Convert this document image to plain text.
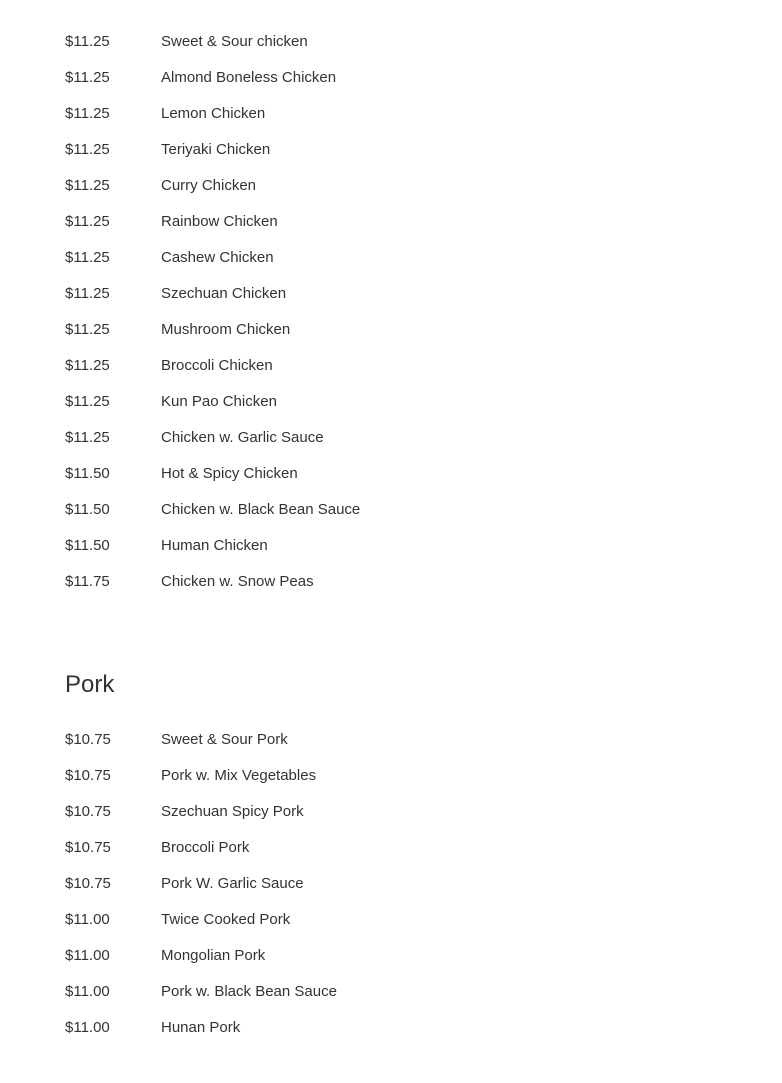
$11.25	Sweet & Sour chicken
$11.25	Almond Boneless Chicken
$11.25	Lemon Chicken
$11.25	Teriyaki Chicken
$11.25	Curry Chicken
$11.25	Rainbow Chicken
$11.25	Cashew Chicken
$11.25	Szechuan Chicken
$11.25	Mushroom Chicken
$11.25	Broccoli Chicken
$11.25	Kun Pao Chicken
$11.25	Chicken w. Garlic Sauce
$11.50	Hot & Spicy Chicken
$11.50	Chicken w. Black Bean Sauce
$11.50	Human Chicken
$11.75	Chicken w. Snow Peas
Pork
$10.75	Sweet & Sour Pork
$10.75	Pork w. Mix Vegetables
$10.75	Szechuan Spicy Pork
$10.75	Broccoli Pork
$10.75	Pork W. Garlic Sauce
$11.00	Twice Cooked Pork
$11.00	Mongolian Pork
$11.00	Pork w. Black Bean Sauce
$11.00	Hunan Pork
